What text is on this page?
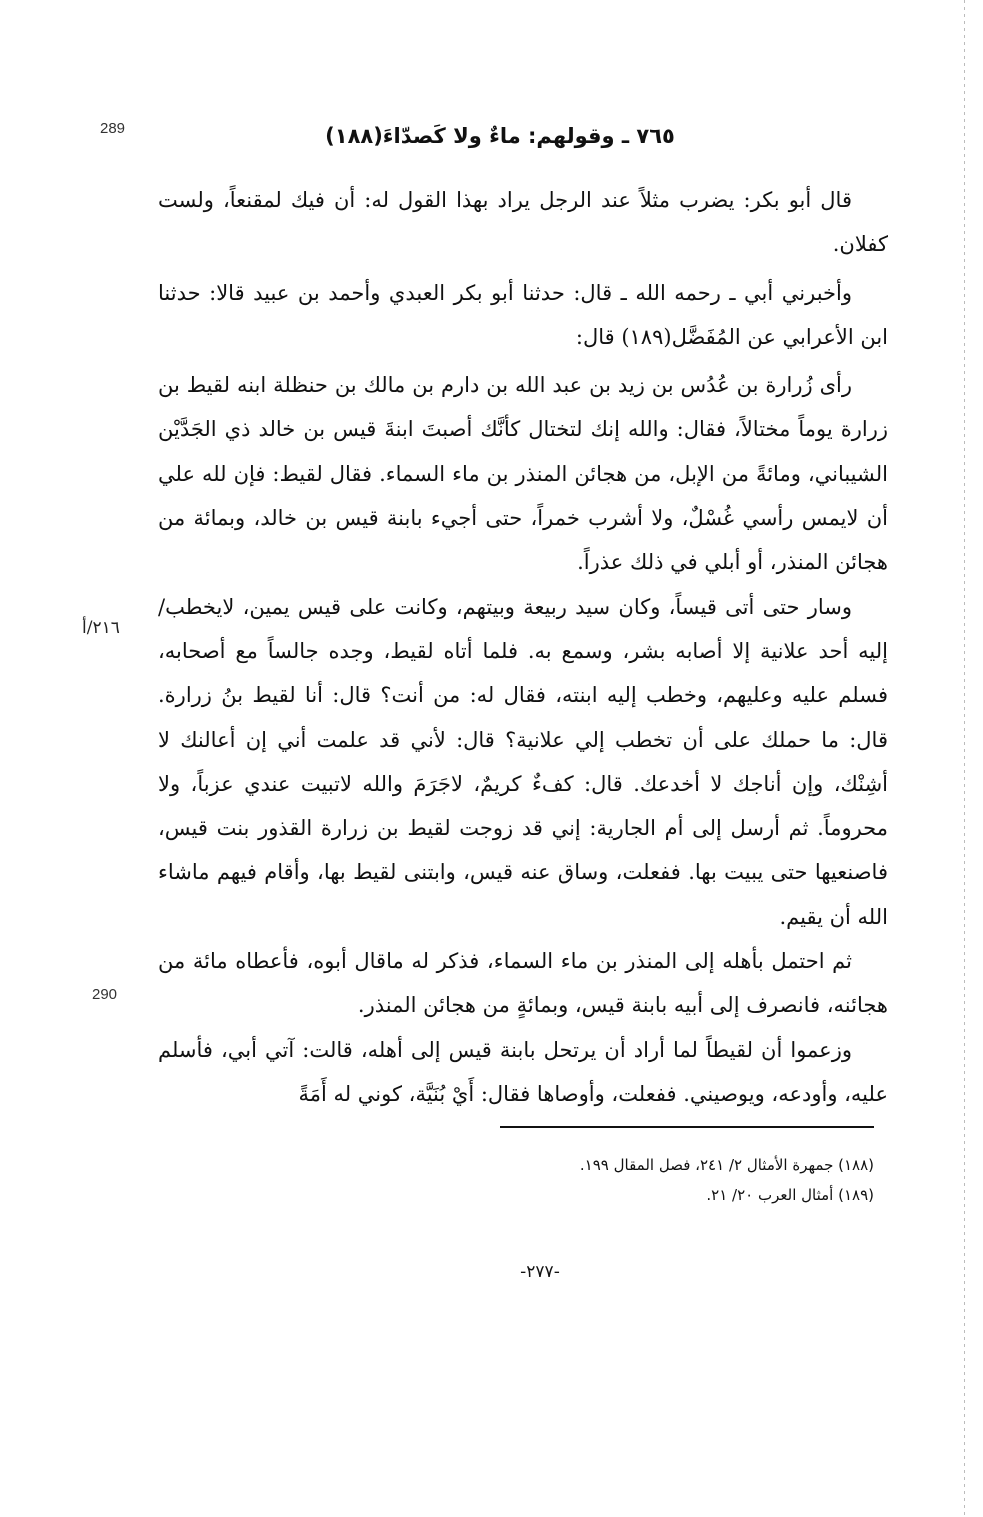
289
٢١٦/أ
290
٧٦٥ ـ وقولهم: ماءٌ ولا كَصدّاءَ(١٨٨)

قال أبو بكر: يضرب مثلاً عند الرجل يراد بهذا القول له: أن فيك لمقنعاً، ولست كفلان.

وأخبرني أبي ـ رحمه الله ـ قال: حدثنا أبو بكر العبدي وأحمد بن عبيد قالا: حدثنا ابن الأعرابي عن المُفَضَّل(١٨٩) قال:

رأى زُرارة بن عُدُس بن زيد بن عبد الله بن دارم بن مالك بن حنظلة ابنه لقيط بن زرارة يوماً مختالاً، فقال: والله إنك لتختال كأنَّك أصبتَ ابنةَ قيس بن خالد ذي الجَدَّيْن الشيباني، ومائةً من الإبل، من هجائن المنذر بن ماء السماء. فقال لقيط: فإن لله علي أن لايمس رأسي غُسْلٌ، ولا أشرب خمراً، حتى أجيء بابنة قيس بن خالد، وبمائة من هجائن المنذر، أو أبلي في ذلك عذراً.

وسار حتى أتى قيساً، وكان سيد ربيعة وبيتهم، وكانت على قيس يمين، لايخطب/إليه أحد علانية إلا أصابه بشر، وسمع به. فلما أتاه لقيط، وجده جالساً مع أصحابه، فسلم عليه وعليهم، وخطب إليه ابنته، فقال له: من أنت؟ قال: أنا لقيط بنُ زرارة. قال: ما حملك على أن تخطب إلي علانية؟ قال: لأني قد علمت أني إن أعالنك لا أشِنْك، وإن أناجك لا أخدعك. قال: كفءٌ كريمٌ، لاجَرَمَ والله لاتبيت عندي عزباً، ولا محروماً. ثم أرسل إلى أم الجارية: إني قد زوجت لقيط بن زرارة القذور بنت قيس، فاصنعيها حتى يبيت بها. ففعلت، وساق عنه قيس، وابتنى لقيط بها، وأقام فيهم ماشاء الله أن يقيم.

ثم احتمل بأهله إلى المنذر بن ماء السماء، فذكر له ماقال أبوه، فأعطاه مائة من هجائنه، فانصرف إلى أبيه بابنة قيس، وبمائةٍ من هجائن المنذر.

وزعموا أن لقيطاً لما أراد أن يرتحل بابنة قيس إلى أهله، قالت: آتي أبي، فأسلم عليه، وأودعه، ويوصيني. ففعلت، وأوصاها فقال: أَيْ بُنَيَّة، كوني له أَمَةً

(١٨٨) جمهرة الأمثال ٢/ ٢٤١، فصل المقال ١٩٩.
(١٨٩) أمثال العرب ٢٠/ ٢١.
-٢٧٧-
